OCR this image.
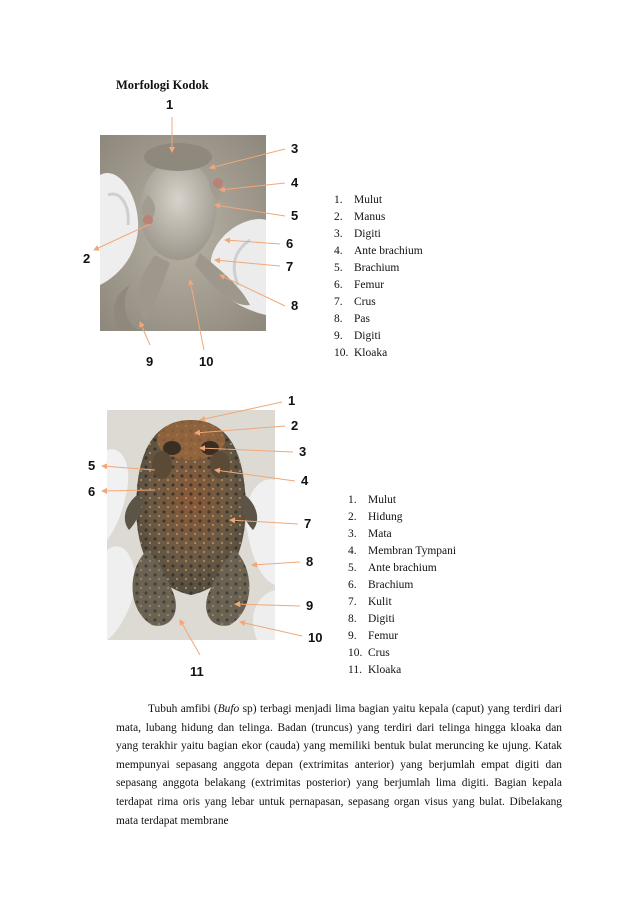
Morfologi Kodok
1
2
3
4
5
6
7
8
9	10
1. Mulut
2. Manus
3. Digiti
4. Ante brachium
5. Brachium
6. Femur
7. Crus
8. Pas
9. Digiti
10. Kloaka
1
2
3
4
5
6
7
8
9
10
11
1. Mulut
2. Hidung
3. Mata
4. Membran Tympani
5. Ante brachium
6. Brachium
7. Kulit
8. Digiti
9. Femur
10. Crus
11. Kloaka

Tubuh amfibi (Bufo sp) terbagi menjadi lima bagian yaitu kepala (caput) yang terdiri dari mata, lubang hidung dan telinga. Badan (truncus) yang terdiri dari telinga hingga kloaka dan yang terakhir yaitu bagian ekor (cauda) yang memiliki bentuk bulat meruncing ke ujung. Katak mempunyai sepasang anggota depan (extrimitas anterior) yang berjumlah empat digiti dan sepasang anggota belakang (extrimitas posterior) yang berjumlah lima digiti. Bagian kepala terdapat rima oris yang lebar untuk pernapasan, sepasang organ visus yang bulat. Dibelakang mata terdapat membrane
